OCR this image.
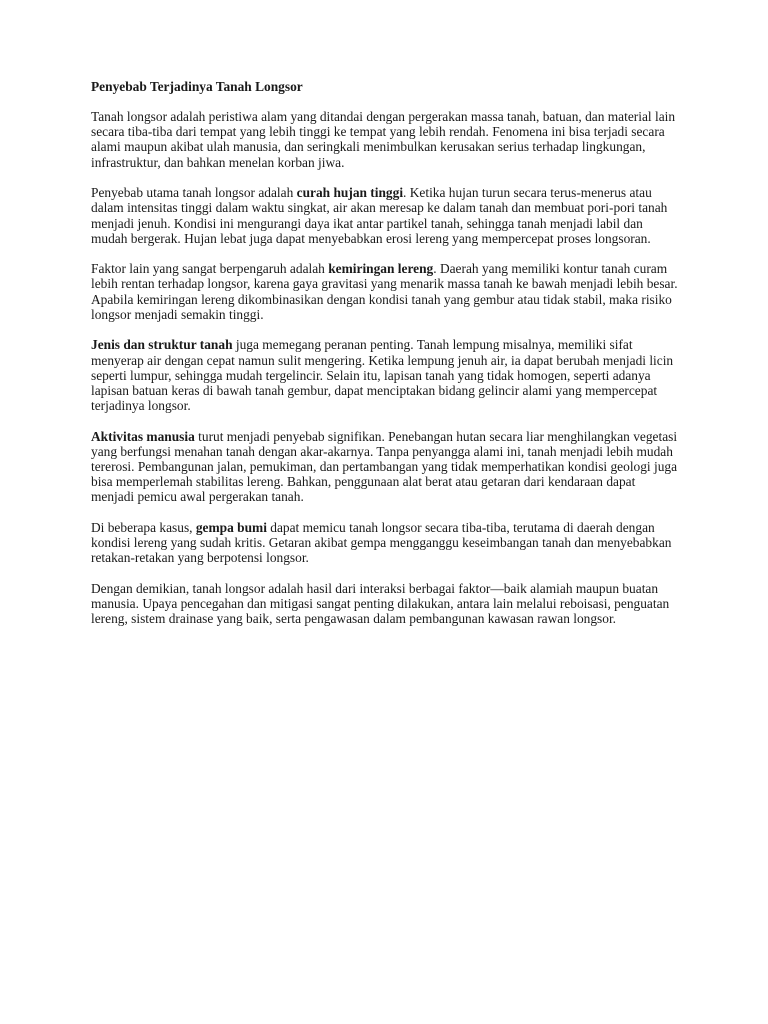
Penyebab Terjadinya Tanah Longsor

Tanah longsor adalah peristiwa alam yang ditandai dengan pergerakan massa tanah, batuan, dan material lain secara tiba-tiba dari tempat yang lebih tinggi ke tempat yang lebih rendah. Fenomena ini bisa terjadi secara alami maupun akibat ulah manusia, dan seringkali menimbulkan kerusakan serius terhadap lingkungan, infrastruktur, dan bahkan menelan korban jiwa.

Penyebab utama tanah longsor adalah curah hujan tinggi. Ketika hujan turun secara terus-menerus atau dalam intensitas tinggi dalam waktu singkat, air akan meresap ke dalam tanah dan membuat pori-pori tanah menjadi jenuh. Kondisi ini mengurangi daya ikat antar partikel tanah, sehingga tanah menjadi labil dan mudah bergerak. Hujan lebat juga dapat menyebabkan erosi lereng yang mempercepat proses longsoran.

Faktor lain yang sangat berpengaruh adalah kemiringan lereng. Daerah yang memiliki kontur tanah curam lebih rentan terhadap longsor, karena gaya gravitasi yang menarik massa tanah ke bawah menjadi lebih besar. Apabila kemiringan lereng dikombinasikan dengan kondisi tanah yang gembur atau tidak stabil, maka risiko longsor menjadi semakin tinggi.

Jenis dan struktur tanah juga memegang peranan penting. Tanah lempung misalnya, memiliki sifat menyerap air dengan cepat namun sulit mengering. Ketika lempung jenuh air, ia dapat berubah menjadi licin seperti lumpur, sehingga mudah tergelincir. Selain itu, lapisan tanah yang tidak homogen, seperti adanya lapisan batuan keras di bawah tanah gembur, dapat menciptakan bidang gelincir alami yang mempercepat terjadinya longsor.

Aktivitas manusia turut menjadi penyebab signifikan. Penebangan hutan secara liar menghilangkan vegetasi yang berfungsi menahan tanah dengan akar-akarnya. Tanpa penyangga alami ini, tanah menjadi lebih mudah tererosi. Pembangunan jalan, pemukiman, dan pertambangan yang tidak memperhatikan kondisi geologi juga bisa memperlemah stabilitas lereng. Bahkan, penggunaan alat berat atau getaran dari kendaraan dapat menjadi pemicu awal pergerakan tanah.

Di beberapa kasus, gempa bumi dapat memicu tanah longsor secara tiba-tiba, terutama di daerah dengan kondisi lereng yang sudah kritis. Getaran akibat gempa mengganggu keseimbangan tanah dan menyebabkan retakan-retakan yang berpotensi longsor.

Dengan demikian, tanah longsor adalah hasil dari interaksi berbagai faktor—baik alamiah maupun buatan manusia. Upaya pencegahan dan mitigasi sangat penting dilakukan, antara lain melalui reboisasi, penguatan lereng, sistem drainase yang baik, serta pengawasan dalam pembangunan kawasan rawan longsor.
